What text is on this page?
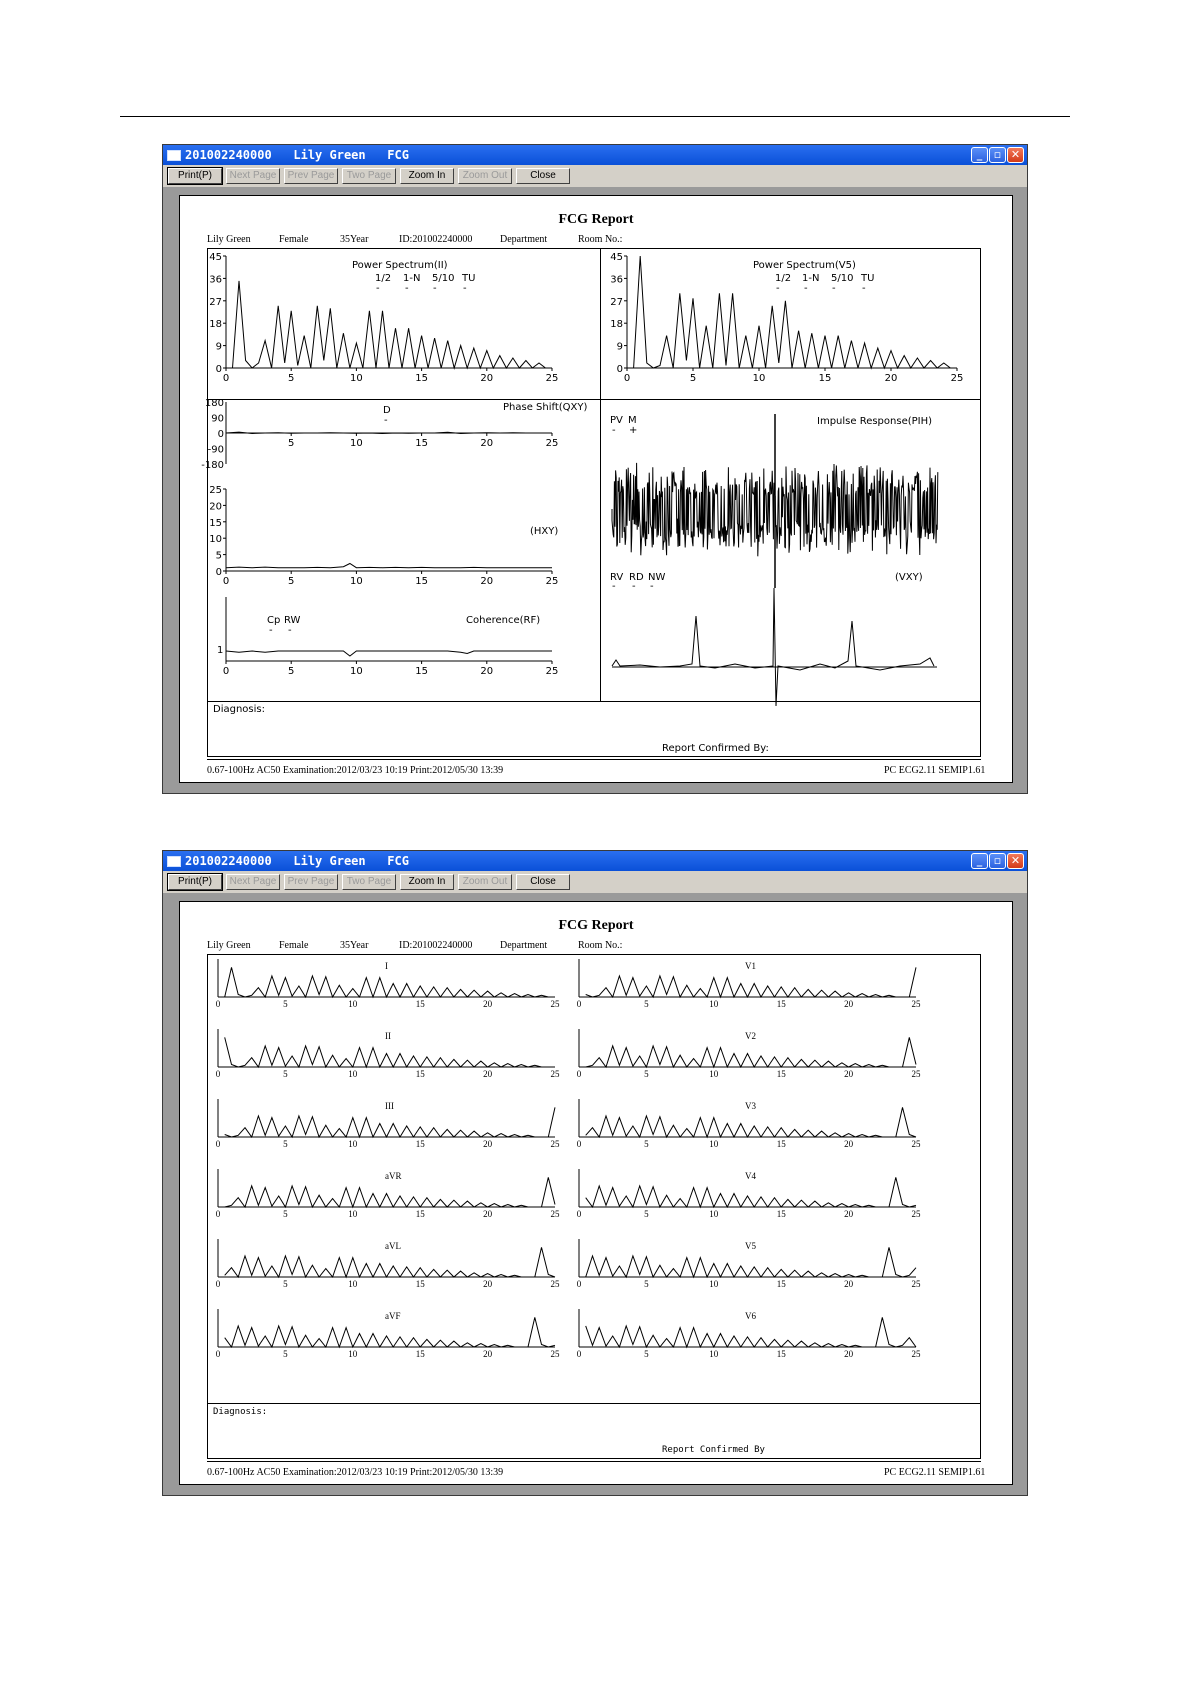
201002240000   Lily Green   FCG	_	▫ ✕
Print(P)	Next Page	Prev Page	Two Page	Zoom In	Zoom Out	Close
FCG Report
Lily Green	Female	35Year	ID:201002240000	Department	Room No.:
Power Spectrum(II)
1/2 1-N 5/10 TU
-	- -	-
0	5	10	15	20	25
45
36
27
18
9
0
Power Spectrum(V5)
1/2 1-N 5/10 TU
- - -	-
0	5	10	15	20	25
45
36
27
18
9
0
Phase Shift(QXY)
D
-
5	10	15	20	25
180
90
0
-90
-180
(HXY)
0	5	10	15	20	25
25
20
15
10
5
0
Coherence(RF)
Cp RW
- -
1
0	5	10	15	20	25
Impulse Response(PIH)
PV M
- +
(VXY)
RV RD NW
- - -
Diagnosis:
Report Confirmed By:
0.67-100Hz AC50 Examination:2012/03/23 10:19 Print:2012/05/30 13:39	PC ECG2.11 SEMIP1.61
201002240000   Lily Green   FCG	_	▫ ✕
Print(P)	Next Page	Prev Page	Two Page	Zoom In	Zoom Out	Close
FCG Report
Lily Green	Female	35Year	ID:201002240000	Department	Room No.:
0	5	10	15	20	25
I
0	5	10	15	20	25
II
0	5	10	15	20	25
III
0	5	10	15	20	25
aVR
0	5	10	15	20	25
aVL
0	5	10	15	20	25
aVF
0	5	10	15	20	25
V1
0	5	10	15	20	25
V2
0	5	10	15	20	25
V3
0	5	10	15	20	25
V4
0	5	10	15	20	25
V5
0	5	10	15	20	25
V6
Diagnosis:
Report Confirmed By
0.67-100Hz AC50 Examination:2012/03/23 10:19 Print:2012/05/30 13:39	PC ECG2.11 SEMIP1.61
